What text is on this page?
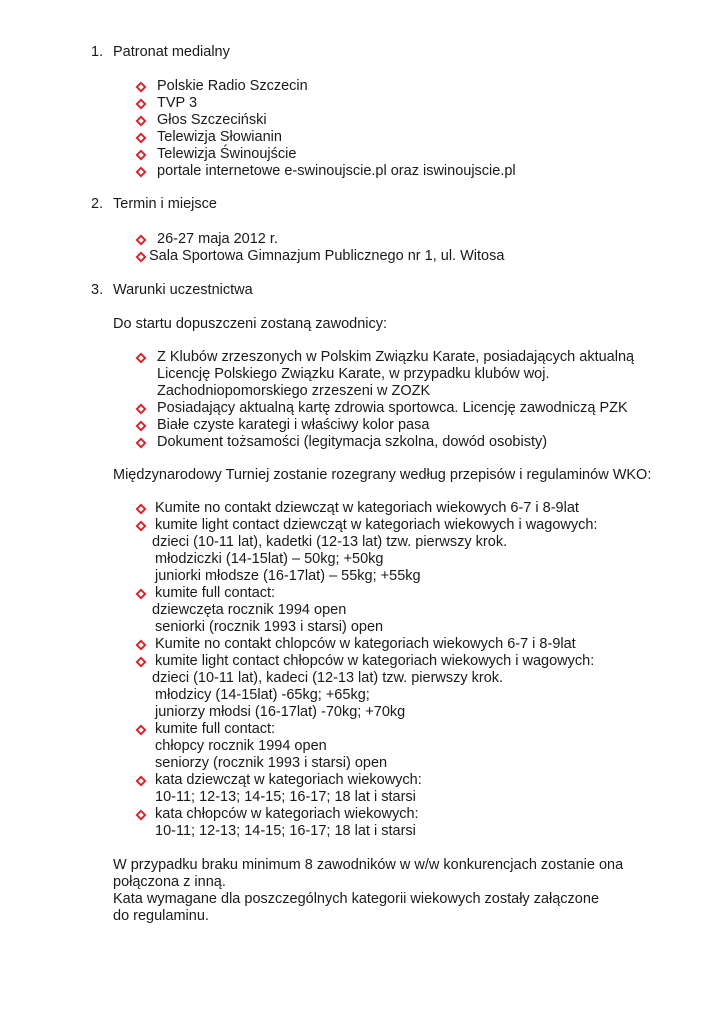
1. Patronat medialny
Polskie Radio Szczecin
TVP 3
Głos Szczeciński
Telewizja Słowianin
Telewizja Świnoujście
portale internetowe e-swinoujscie.pl oraz iswinoujscie.pl
2. Termin i miejsce
26-27 maja 2012 r.
Sala Sportowa Gimnazjum Publicznego nr 1, ul. Witosa
3. Warunki uczestnictwa
Do startu dopuszczeni zostaną zawodnicy:
Z Klubów zrzeszonych w Polskim Związku Karate, posiadających aktualną
Licencję Polskiego Związku Karate, w przypadku klubów woj.
Zachodniopomorskiego zrzeszeni w ZOZK
Posiadający aktualną kartę zdrowia sportowca. Licencję zawodniczą PZK
Białe czyste karategi i właściwy kolor pasa
Dokument tożsamości (legitymacja szkolna, dowód osobisty)
Międzynarodowy Turniej zostanie rozegrany według przepisów i regulaminów WKO:
Kumite no contakt dziewcząt w kategoriach wiekowych 6-7 i 8-9lat
kumite light contact dziewcząt w kategoriach wiekowych i wagowych:
dzieci (10-11 lat), kadetki (12-13 lat) tzw. pierwszy krok.
młodziczki (14-15lat) – 50kg; +50kg
juniorki młodsze (16-17lat) – 55kg; +55kg
kumite full contact:
dziewczęta rocznik 1994 open
seniorki (rocznik 1993 i starsi) open
Kumite no contakt chlopców w kategoriach wiekowych 6-7 i 8-9lat
kumite light contact chłopców w kategoriach wiekowych i wagowych:
dzieci (10-11 lat), kadeci (12-13 lat) tzw. pierwszy krok.
młodzicy (14-15lat) -65kg; +65kg;
juniorzy młodsi (16-17lat) -70kg; +70kg
kumite full contact:
chłopcy rocznik 1994 open
seniorzy (rocznik 1993 i starsi) open
kata dziewcząt w kategoriach wiekowych:
10-11; 12-13; 14-15; 16-17; 18 lat i starsi
kata chłopców w kategoriach wiekowych:
10-11; 12-13; 14-15; 16-17; 18 lat i starsi
W przypadku braku minimum 8 zawodników w w/w konkurencjach zostanie ona
połączona z inną.
Kata wymagane dla poszczególnych kategorii wiekowych zostały załączone
do regulaminu.
